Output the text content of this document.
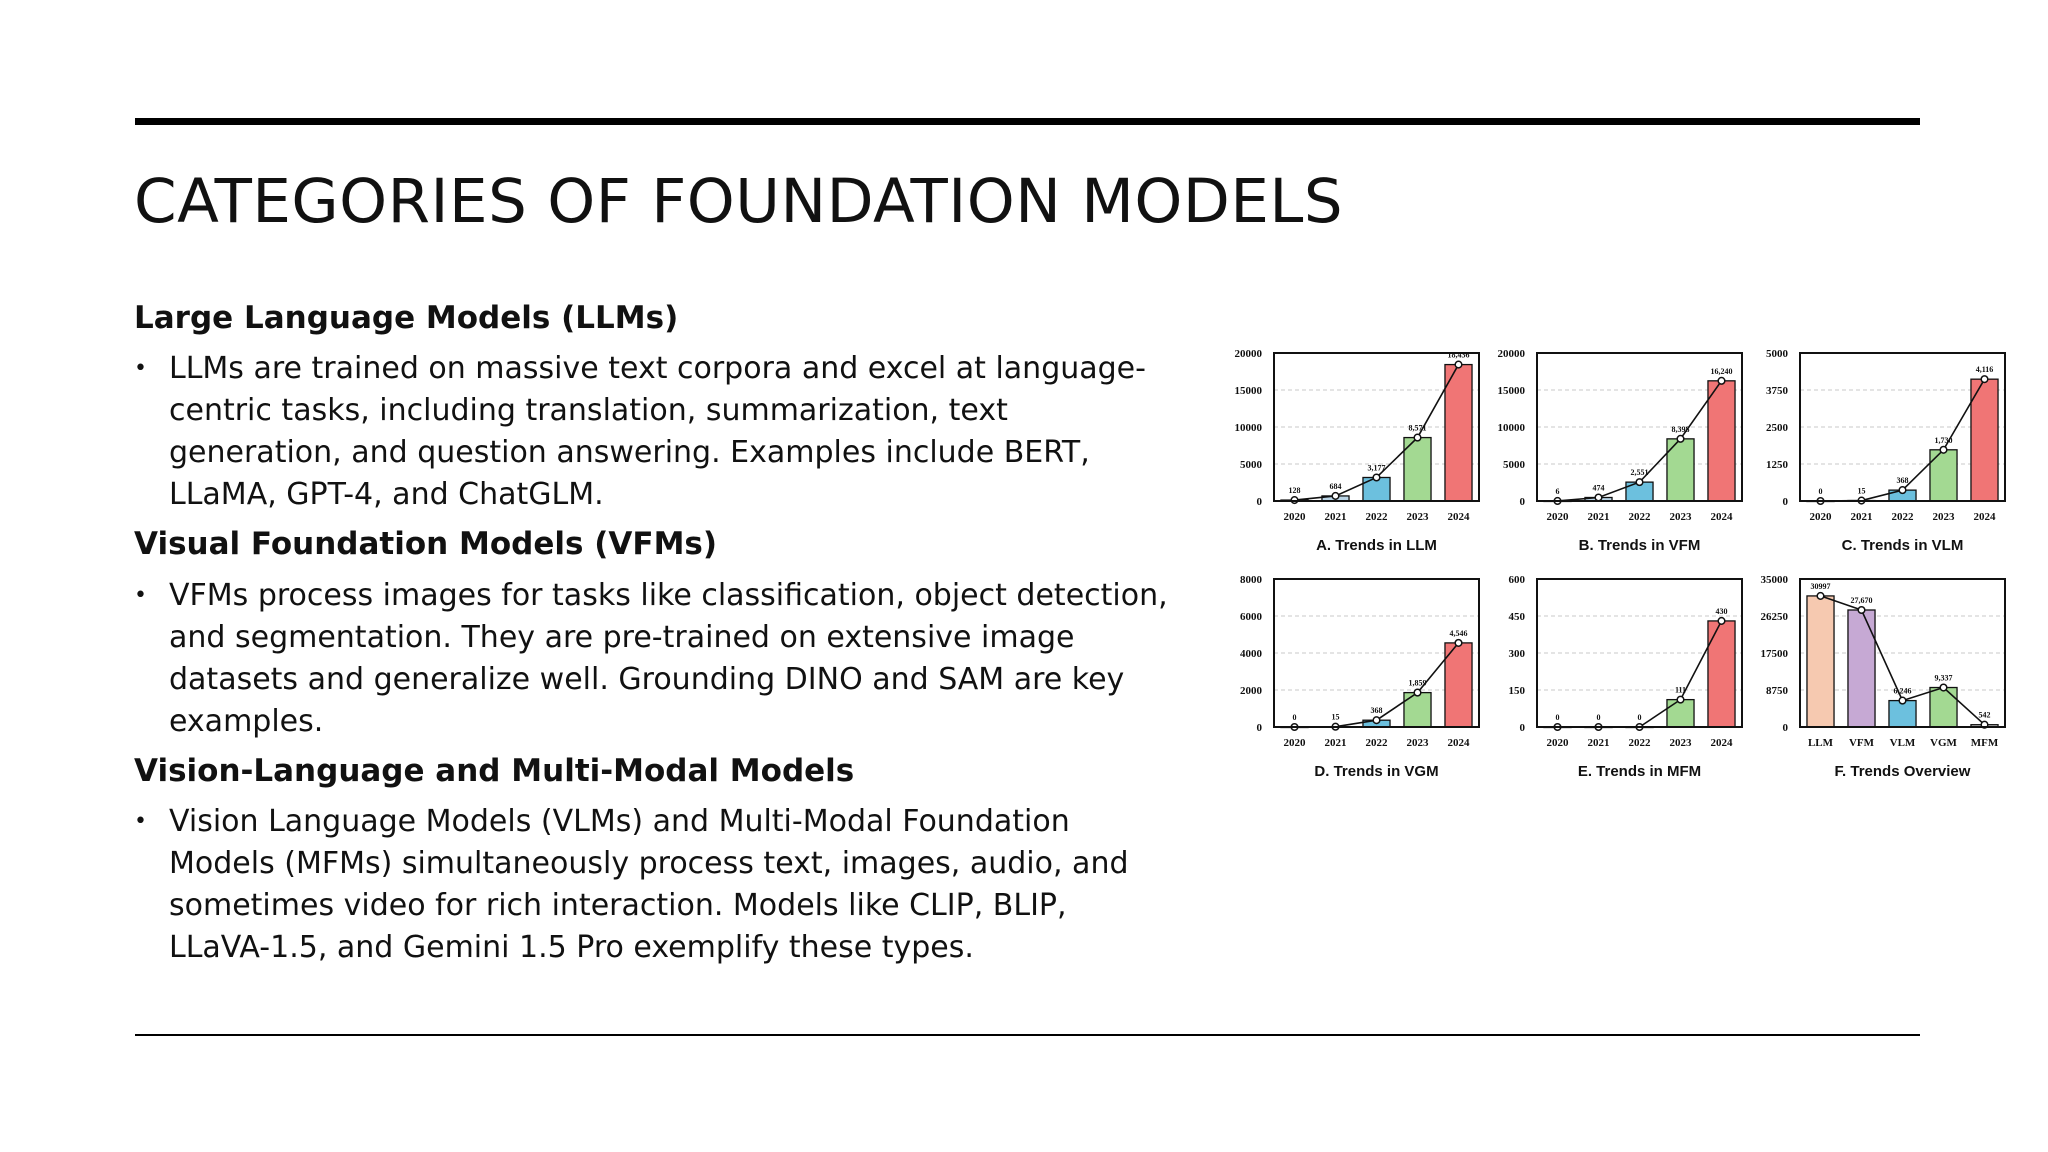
CATEGORIES OF FOUNDATION MODELS
Large Language Models (LLMs)
• LLMs are trained on massive text corpora and excel at language-centric tasks, including translation, summarization, text generation, and question answering. Examples include BERT, LLaMA, GPT-4, and ChatGLM.
Visual Foundation Models (VFMs)
• VFMs process images for tasks like classification, object detection, and segmentation. They are pre-trained on extensive image datasets and generalize well. Grounding DINO and SAM are key examples.
Vision-Language and Multi-Modal Models
• Vision Language Models (VLMs) and Multi-Modal Foundation Models (MFMs) simultaneously process text, images, audio, and sometimes video for rich interaction. Models like CLIP, BLIP, LLaVA-1.5, and Gemini 1.5 Pro exemplify these types.
0
5000
10000
15000
20000
2020 2021 2022 2023 2024
128	684
3,177
8,571
18,436
A. Trends in LLM
0
5000
10000
15000
20000
2020 2021 2022 2023 2024
6	474
2,551
8,398
16,240
B. Trends in VFM
0
1250
2500
3750
5000
2020 2021 2022 2023 2024
0	15
368
1,730
4,116
C. Trends in VLM
0
2000
4000
6000
8000
2020 2021 2022 2023 2024
0	15
368
1,859
4,546
D. Trends in VGM
0
150
300
450
600
2020 2021 2022 2023 2024
0	0	0
111
430
E. Trends in MFM
0
8750
17500
26250
35000
LLM VFM VLM VGM MFM
30997
27,670
6,246
9,337
542
F. Trends Overview
